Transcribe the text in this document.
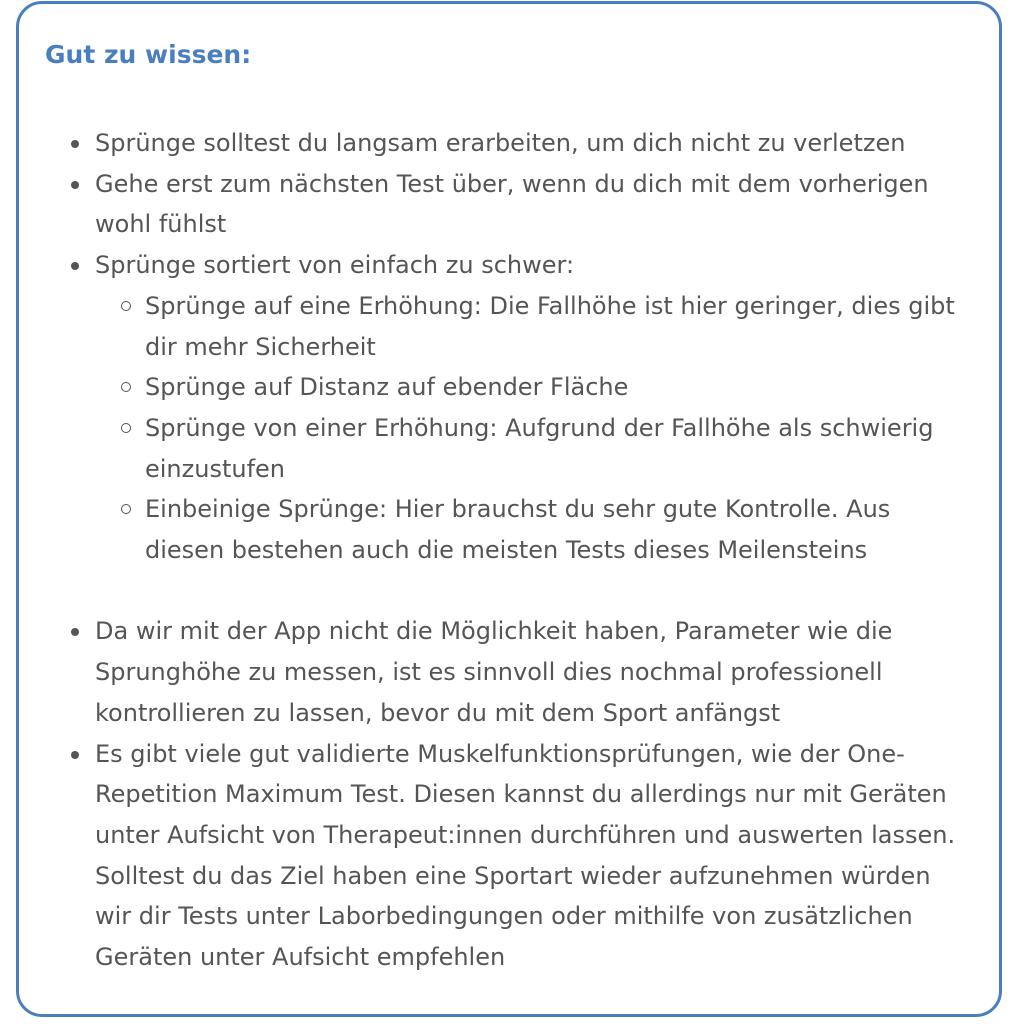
Gut zu wissen:
Sprünge solltest du langsam erarbeiten, um dich nicht zu verletzen
Gehe erst zum nächsten Test über, wenn du dich mit dem vorherigen wohl fühlst
Sprünge sortiert von einfach zu schwer:
Sprünge auf eine Erhöhung: Die Fallhöhe ist hier geringer, dies gibt dir mehr Sicherheit
Sprünge auf Distanz auf ebender Fläche
Sprünge von einer Erhöhung: Aufgrund der Fallhöhe als schwierig einzustufen
Einbeinige Sprünge: Hier brauchst du sehr gute Kontrolle. Aus diesen bestehen auch die meisten Tests dieses Meilensteins
Da wir mit der App nicht die Möglichkeit haben, Parameter wie die Sprunghöhe zu messen, ist es sinnvoll dies nochmal professionell kontrollieren zu lassen, bevor du mit dem Sport anfängst
Es gibt viele gut validierte Muskelfunktionsprüfungen, wie der One-Repetition Maximum Test. Diesen kannst du allerdings nur mit Geräten unter Aufsicht von Therapeut:innen durchführen und auswerten lassen. Solltest du das Ziel haben eine Sportart wieder aufzunehmen würden wir dir Tests unter Laborbedingungen oder mithilfe von zusätzlichen Geräten unter Aufsicht empfehlen
